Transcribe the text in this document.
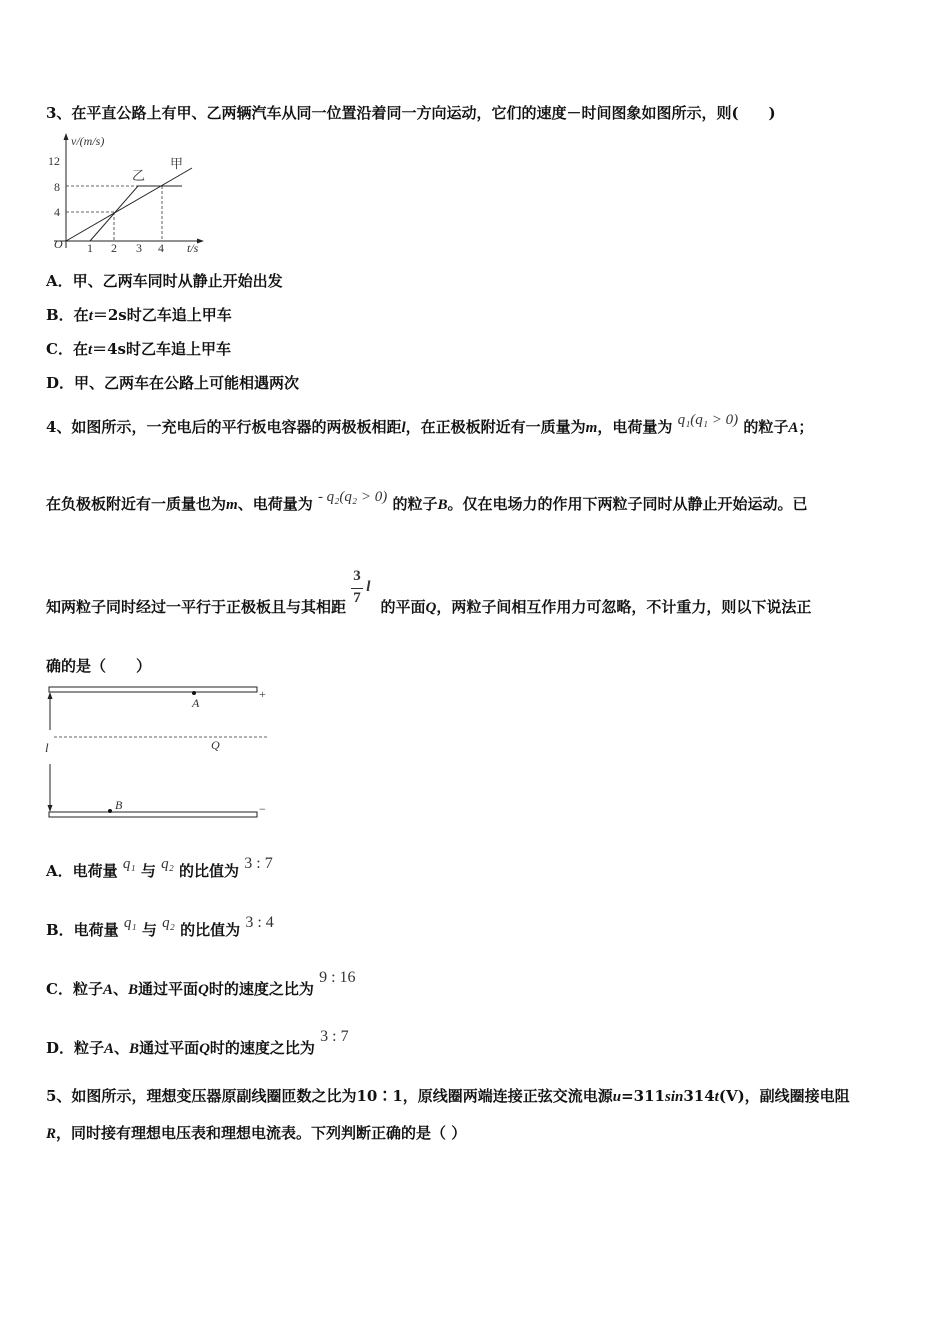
3、在平直公路上有甲、乙两辆汽车从同一位置沿着同一方向运动，它们的速度－时间图象如图所示，则(　　)
v/(m/s)
t/s
O
12
8
4
1 2 3 4
乙
甲
A．甲、乙两车同时从静止开始出发
B．在t＝2s时乙车追上甲车
C．在t＝4s时乙车追上甲车
D．甲、乙两车在公路上可能相遇两次
4、如图所示，一充电后的平行板电容器的两极板相距l，在正极板附近有一质量为m，电荷量为 q₁(q₁ > 0) 的粒子A；
在负极板附近有一质量也为m、电荷量为 - q₂(q₂ > 0) 的粒子B。仅在电场力的作用下两粒子同时从静止开始运动。已
知两粒子同时经过一平行于正极板且与其相距
3
7
l
的平面Q，两粒子间相互作用力可忽略，不计重力，则以下说法正
确的是（　　）
+
−
A
B
Q
l
A．电荷量 q₁ 与 q₂ 的比值为 3 : 7
B．电荷量 q₁ 与 q₂ 的比值为 3 : 4
C．粒子A、B通过平面Q时的速度之比为 9 : 16
D．粒子A、B通过平面Q时的速度之比为 3 : 7
5、如图所示，理想变压器原副线圈匝数之比为10∶1，原线圈两端连接正弦交流电源u=311sin314t(V)，副线圈接电阻
R，同时接有理想电压表和理想电流表。下列判断正确的是（ ）
